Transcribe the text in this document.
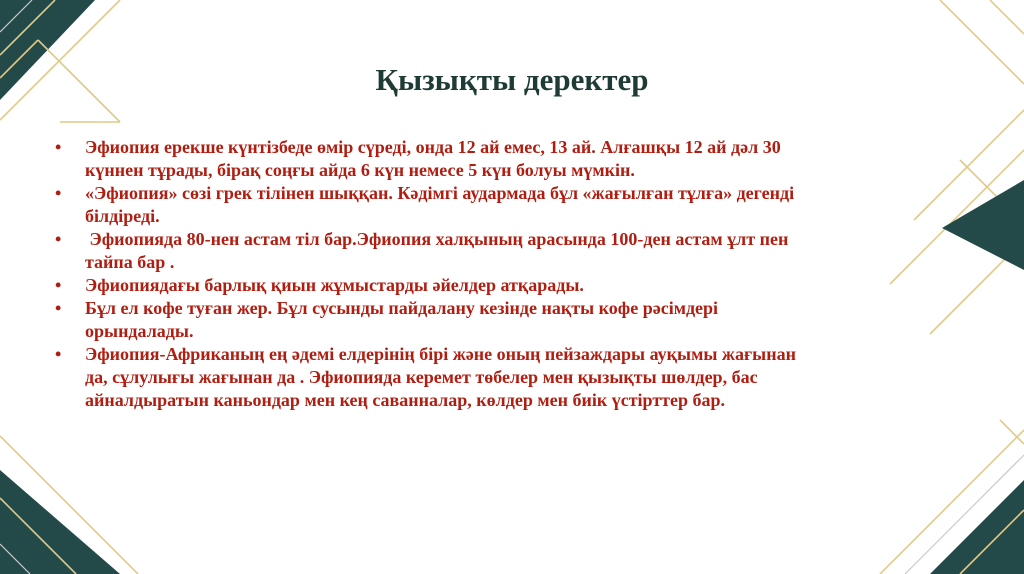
Қызықты деректер
• Эфиопия ерекше күнтізбеде өмір сүреді, онда 12 ай емес, 13 ай. Алғашқы 12 ай дәл 30 күннен тұрады, бірақ соңғы айда 6 күн немесе 5 күн болуы мүмкін.
• «Эфиопия» сөзі грек тілінен шыққан. Кәдімгі аудармада бұл «жағылған тұлға» дегенді білдіреді.
• Эфиопияда 80-нен астам тіл бар.Эфиопия халқының арасында 100-ден астам ұлт пен тайпа бар .
• Эфиопиядағы барлық қиын жұмыстарды әйелдер атқарады.
• Бұл ел кофе туған жер. Бұл сусынды пайдалану кезінде нақты кофе рәсімдері орындалады.
• Эфиопия-Африканың ең әдемі елдерінің бірі және оның пейзаждары ауқымы жағынан да, сұлулығы жағынан да . Эфиопияда керемет төбелер мен қызықты шөлдер, бас айналдыратын каньондар мен кең саванналар, көлдер мен биік үстірттер бар.
